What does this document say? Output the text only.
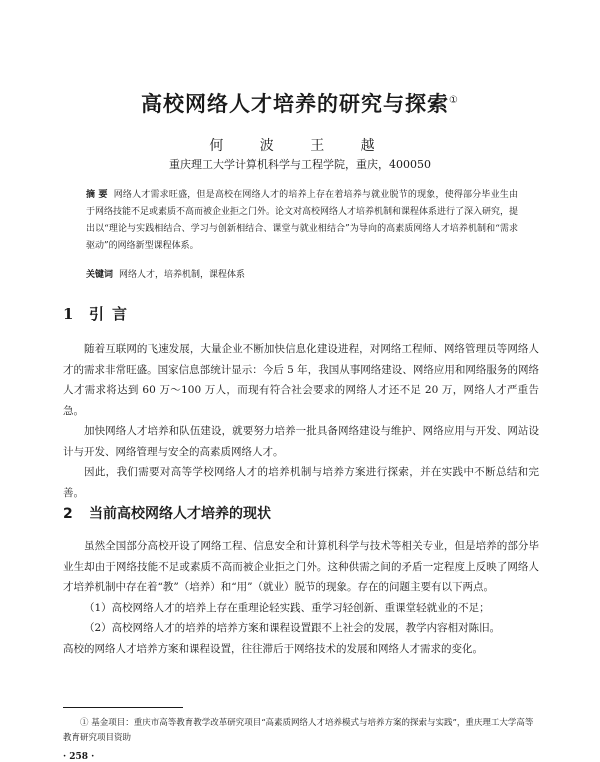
高校网络人才培养的研究与探索①
何 波 王 越
重庆理工大学计算机科学与工程学院，重庆，400050
摘 要 网络人才需求旺盛，但是高校在网络人才的培养上存在着培养与就业脱节的现象，使得部分毕业生由于网络技能不足或素质不高而被企业拒之门外。论文对高校网络人才培养机制和课程体系进行了深入研究，提出以“理论与实践相结合、学习与创新相结合、课堂与就业相结合”为导向的高素质网络人才培养机制和“需求驱动”的网络新型课程体系。
关键词 网络人才，培养机制，课程体系
1 引言

随着互联网的飞速发展，大量企业不断加快信息化建设进程，对网络工程师、网络管理员等网络人才的需求非常旺盛。国家信息部统计显示：今后 5 年，我国从事网络建设、网络应用和网络服务的网络人才需求将达到 60 万～100 万人，而现有符合社会要求的网络人才还不足 20 万，网络人才严重告急。

加快网络人才培养和队伍建设，就要努力培养一批具备网络建设与维护、网络应用与开发、网站设计与开发、网络管理与安全的高素质网络人才。

因此，我们需要对高等学校网络人才的培养机制与培养方案进行探索，并在实践中不断总结和完善。

2 当前高校网络人才培养的现状

虽然全国部分高校开设了网络工程、信息安全和计算机科学与技术等相关专业，但是培养的部分毕业生却由于网络技能不足或素质不高而被企业拒之门外。这种供需之间的矛盾一定程度上反映了网络人才培养机制中存在着“教”（培养）和“用”（就业）脱节的现象。存在的问题主要有以下两点。

（1）高校网络人才的培养上存在重理论轻实践、重学习轻创新、重课堂轻就业的不足；

（2）高校网络人才的培养的培养方案和课程设置跟不上社会的发展，教学内容相对陈旧。

高校的网络人才培养方案和课程设置，往往滞后于网络技术的发展和网络人才需求的变化。

① 基金项目：重庆市高等教育教学改革研究项目“高素质网络人才培养模式与培养方案的探索与实践”，重庆理工大学高等教育研究项目资助
· 258 ·
